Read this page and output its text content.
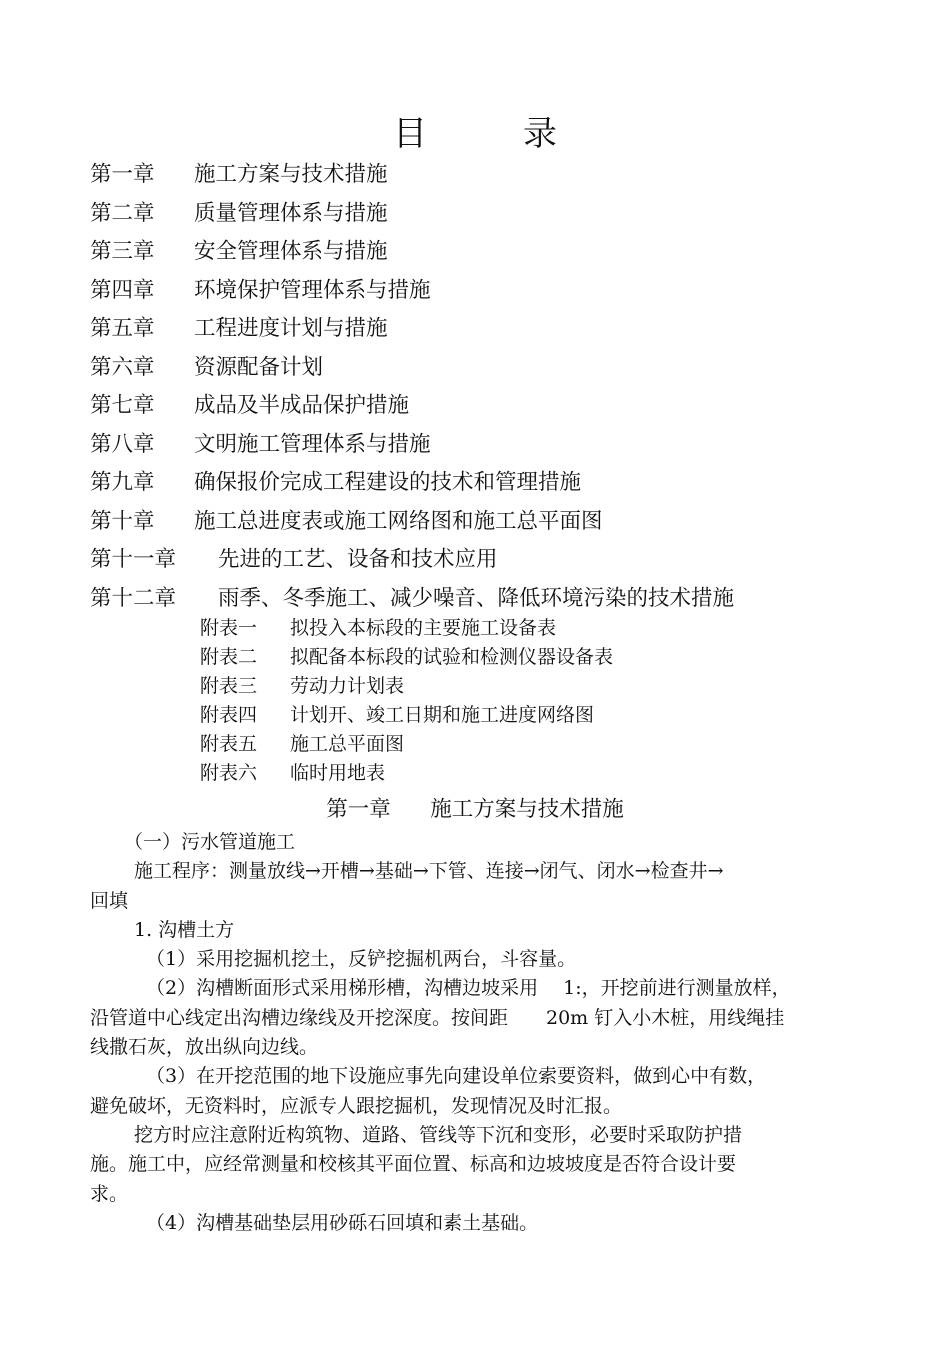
目	录
第一章 施工方案与技术措施
第二章 质量管理体系与措施
第三章 安全管理体系与措施
第四章 环境保护管理体系与措施
第五章 工程进度计划与措施
第六章 资源配备计划
第七章 成品及半成品保护措施
第八章 文明施工管理体系与措施
第九章 确保报价完成工程建设的技术和管理措施
第十章 施工总进度表或施工网络图和施工总平面图
第十一章 先进的工艺、设备和技术应用
第十二章 雨季、冬季施工、减少噪音、降低环境污染的技术措施
附表一 拟投入本标段的主要施工设备表
附表二 拟配备本标段的试验和检测仪器设备表
附表三 劳动力计划表
附表四 计划开、竣工日期和施工进度网络图
附表五 施工总平面图
附表六 临时用地表
第一章 施工方案与技术措施
（一）污水管道施工
施工程序：测量放线→开槽→基础→下管、连接→闭气、闭水→检查井→
回填
1. 沟槽土方
（1）采用挖掘机挖土，反铲挖掘机两台，斗容量。
（2）沟槽断面形式采用梯形槽，沟槽边坡采用　 1:，开挖前进行测量放样，
沿管道中心线定出沟槽边缘线及开挖深度。按间距　　20m 钉入小木桩，用线绳挂
线撒石灰，放出纵向边线。
（3）在开挖范围的地下设施应事先向建设单位索要资料，做到心中有数，
避免破坏，无资料时，应派专人跟挖掘机，发现情况及时汇报。
挖方时应注意附近构筑物、道路、管线等下沉和变形，必要时采取防护措
施。施工中，应经常测量和校核其平面位置、标高和边坡坡度是否符合设计要
求。
（4）沟槽基础垫层用砂砾石回填和素土基础。
